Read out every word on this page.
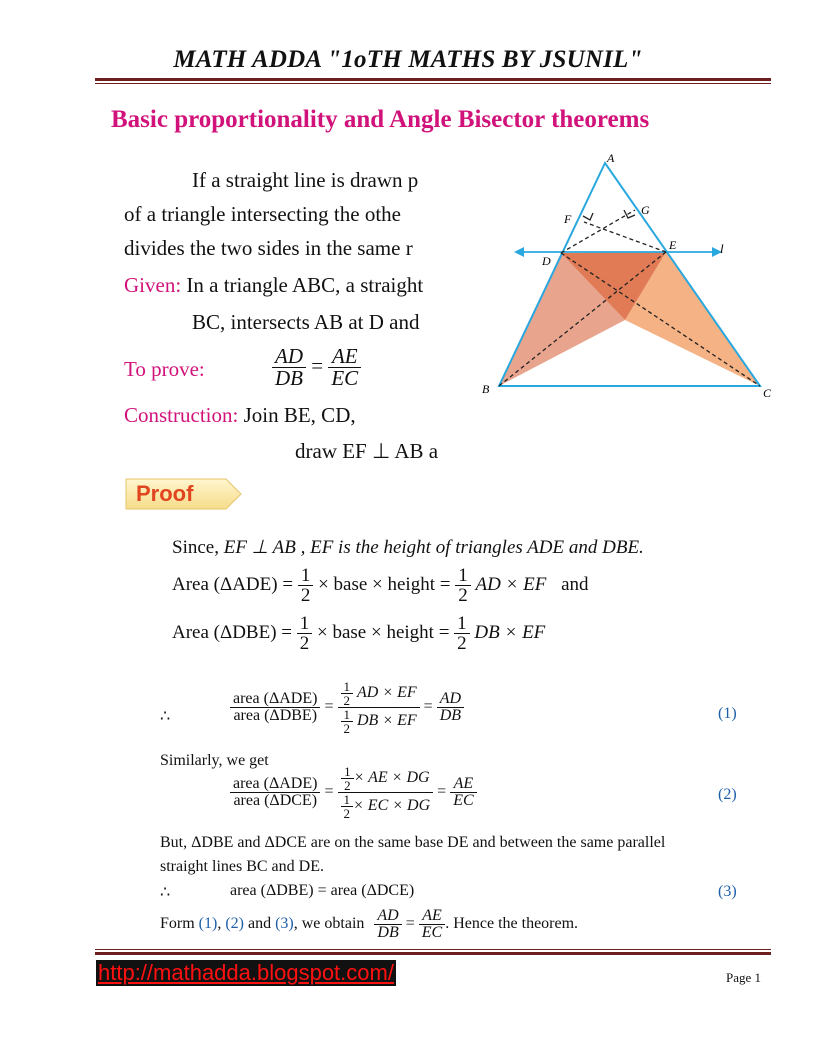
MATH ADDA "1oTH MATHS BY JSUNIL"
Basic proportionality and Angle Bisector theorems
If a straight line is drawn p
of a triangle intersecting the othe
divides the two sides in the same r
Given: In a triangle ABC, a straight
BC, intersects AB at D and
To prove:	$\frac{AD}{DB} = \frac{AE}{EC}$
Construction: Join BE, CD,
draw EF ⊥ AB a
A
F
G
D
E	l
B	C
Proof
Since, EF ⊥ AB , EF is the height of triangles ADE and DBE.
Area $(\Delta ADE) = \frac{1}{2}$ × base × height = $\frac{1}{2}$ AD × EF and
Area $(\Delta DBE) = \frac{1}{2}$ × base × height = $\frac{1}{2}$ DB × EF
∴	$\frac{\text{area (ΔADE)}}{\text{area (ΔDBE)}} = \frac{\frac{1}{2} AD \times EF}{\frac{1}{2} DB \times EF} = \frac{AD}{DB}$	(1)
Similarly, we get
$\frac{\text{area (ΔADE)}}{\text{area (ΔDCE)}} = \frac{\frac{1}{2} \times AE \times DG}{\frac{1}{2} \times EC \times DG} = \frac{AE}{EC}$	(2)
But, ΔDBE and ΔDCE are on the same base DE and between the same parallel
straight lines BC and DE.
∴	area (ΔDBE) = area (ΔDCE)	(3)
Form (1), (2) and (3), we obtain $\frac{AD}{DB} = \frac{AE}{EC}$ . Hence the theorem.
http://mathadda.blogspot.com/	Page 1
